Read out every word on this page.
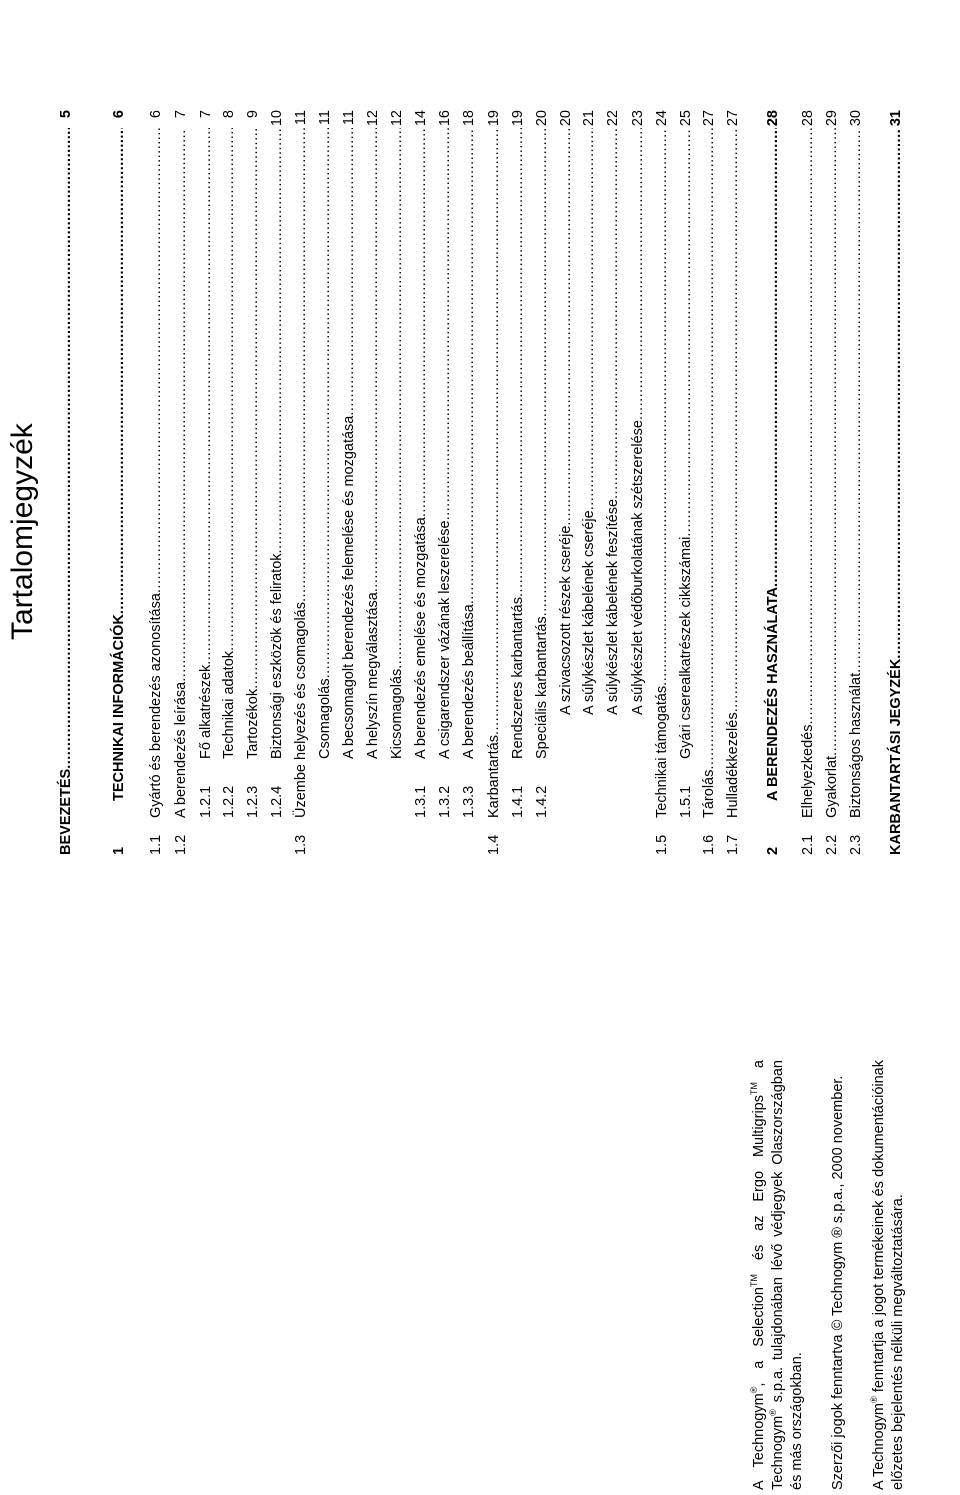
Tartalomjegyzék
BEVEZETÉS
.....
5
1
TECHNIKAI INFORMÁCIÓK
.....
6
1.1
Gyártó és berendezés azonosítása
.....
6
1.2
A berendezés leírása
.....
7
1.2.1
Fő alkatrészek
.....
7
1.2.2
Technikai adatok
.....
8
1.2.3
Tartozékok
.....
9
1.2.4
Biztonsági eszközök és feliratok
.....
10
1.3
Üzembe helyezés és csomagolás
.....
11
Csomagolás
.....
11
A becsomagolt berendezés felemelése és mozgatása
.....
11
A helyszín megválasztása
.....
12
Kicsomagolás
.....
12
1.3.1
A berendezés emelése és mozgatása
.....
14
1.3.2
A csigarendszer vázának leszerelése
.....
16
1.3.3
A berendezés beállítása
.....
18
1.4
Karbantartás
.....
19
1.4.1
Rendszeres karbantartás
.....
19
1.4.2
Speciális karbantartás
.....
20
A szivacsozott részek cseréje
.....
20
A súlykészlet kábelének cseréje
.....
21
A súlykészlet kábelének feszítése
.....
22
A súlykészlet védőburkolatának szétszerelése
.....
23
1.5
Technikai támogatás
.....
24
1.5.1
Gyári cserealkatrészek cikkszámai
.....
25
1.6
Tárolás
.....
27
1.7
Hulladékkezelés
.....
27
2
A BERENDEZÉS HASZNÁLATA
.....
28
2.1
Elhelyezkedés
.....
28
2.2
Gyakorlat
.....
29
2.3
Biztonságos használat
.....
30
KARBANTARTÁSI JEGYZÉK
.....
31

A Technogym®, a Selection™ és az Ergo Multigrips™ a Technogym® s.p.a. tulajdonában lévő védjegyek Olaszországban és más országokban. Szerzői jogok fenntartva © Technogym ® s.p.a., 2000 november. A Technogym® fenntartja a jogot termékeinek és dokumentációinak előzetes bejelentés nélküli megváltoztatására.
